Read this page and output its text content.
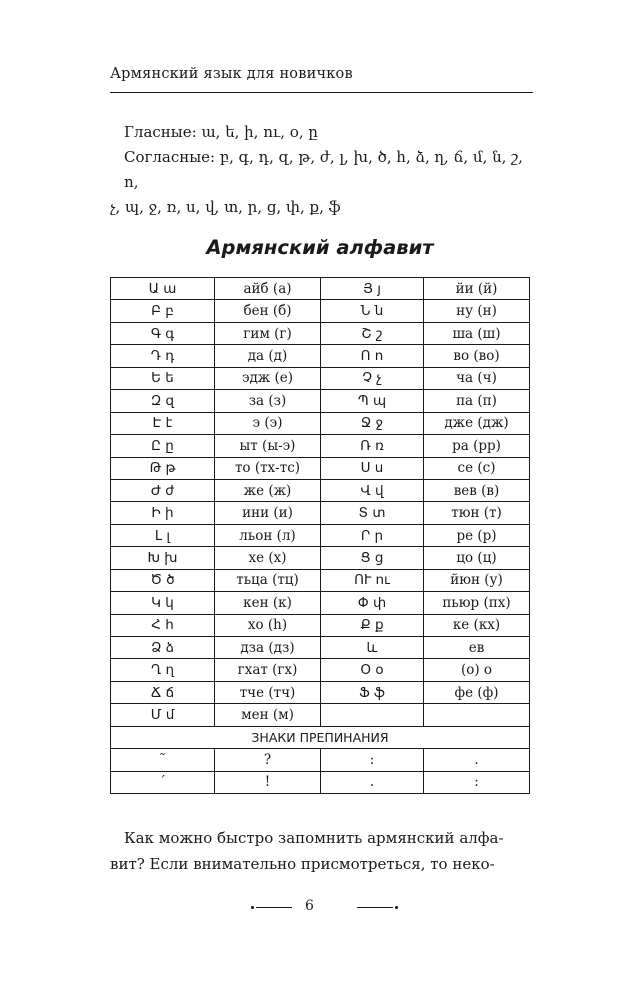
Армянский язык для новичков

Гласные: ա, ե, ի, ու, օ, ը

Согласные: բ, գ, դ, զ, թ, ժ, լ, խ, ծ, հ, ձ, ղ, ճ, մ, ն, շ, ո,

չ, պ, ջ, ռ, ս, վ, տ, ր, ց, փ, ք, ֆ

Армянский алфавит
Ա ա	айб (а)	Յ յ	йи (й)
Բ բ	бен (б)	Ն ն	ну (н)
Գ գ	гим (г)	Շ շ	ша (ш)
Դ դ	да (д)	Ո ո	во (во)
Ե ե	эдж (е)	Չ չ	ча (ч)
Զ զ	за (з)	Պ պ	па (п)
Է է	э (э)	Ջ ջ	дже (дж)
Ը ը	ыт (ы-э)	Ռ ռ	ра (рр)
Թ թ	то (тх-тс)	Ս ս	се (с)
Ժ ժ	же (ж)	Վ վ	вев (в)
Ի ի	ини (и)	Տ տ	тюн (т)
Լ լ	льон (л)	Ր ր	ре (р)
Խ խ	хе (х)	Ց ց	цо (ц)
Ծ ծ	тьца (тц)	ՈՒ ու	йюн (у)
Կ կ	кен (к)	Փ փ	пьюр (пх)
Հ հ	хо (h)	Ք ք	ке (кх)
Ձ ձ	дза (дз)	և	ев
Ղ ղ	гхат (гх)	Օ օ	(о) о
Ճ ճ	тче (тч)	Ֆ ֆ	фе (ф)
Մ մ	мен (м)		
ЗНАКИ ПРЕПИНАНИЯ			
˜	?	:	.
ˊ	!	.	:

Как можно быстро запомнить армянский алфа-

вит? Если внимательно присмотреться, то неко-

6
